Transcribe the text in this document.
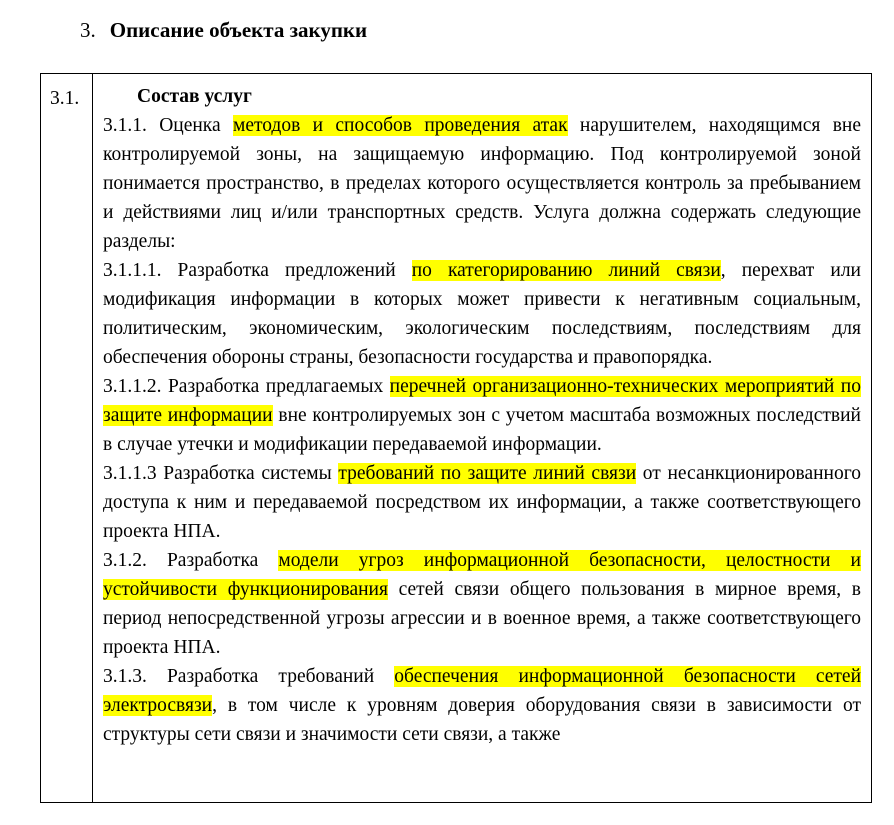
3. Описание объекта закупки
3.1.	Состав услуг

3.1.1. Оценка методов и способов проведения атак нарушителем, находящимся вне контролируемой зоны, на защищаемую информацию. Под контролируемой зоной понимается пространство, в пределах которого осуществляется контроль за пребыванием и действиями лиц и/или транспортных средств. Услуга должна содержать следующие разделы:

3.1.1.1. Разработка предложений по категорированию линий связи, перехват или модификация информации в которых может привести к негативным социальным, политическим, экономическим, экологическим последствиям, последствиям для обеспечения обороны страны, безопасности государства и правопорядка.

3.1.1.2. Разработка предлагаемых перечней организационно-технических мероприятий по защите информации вне контролируемых зон с учетом масштаба возможных последствий в случае утечки и модификации передаваемой информации.

3.1.1.3 Разработка системы требований по защите линий связи от несанкционированного доступа к ним и передаваемой посредством их информации, а также соответствующего проекта НПА.

3.1.2. Разработка модели угроз информационной безопасности, целостности и устойчивости функционирования сетей связи общего пользования в мирное время, в период непосредственной угрозы агрессии и в военное время, а также соответствующего проекта НПА.

3.1.3. Разработка требований обеспечения информационной безопасности сетей электросвязи, в том числе к уровням доверия оборудования связи в зависимости от структуры сети связи и значимости сети связи, а также
